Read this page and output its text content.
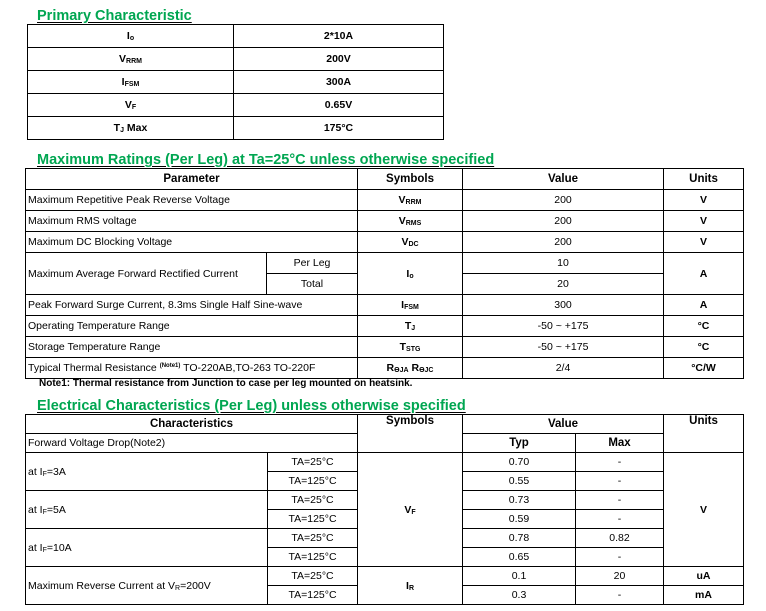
Primary Characteristic
$I_o$	2*10A
$V_{RRM}$	200V
$I_{FSM}$	300A
$V_F$	0.65V
$T_J$ Max	175°C
Maximum Ratings (Per Leg) at Ta=25°C unless otherwise specified
Parameter		Symbols	Value	Units
Maximum Repetitive Peak Reverse Voltage		$V_{RRM}$	200	V
Maximum RMS voltage		$V_{RMS}$	200	V
Maximum DC Blocking Voltage		$V_{DC}$	200	V
Maximum Average Forward Rectified Current	Per Leg	$I_o$	10	A
	Total		20	
Peak Forward Surge Current, 8.3ms Single Half Sine-wave		$I_{FSM}$	300	A
Operating Temperature Range		$T_J$	-50 ~ +175	°C
Storage Temperature Range		$T_{STG}$	-50 ~ +175	°C
Typical Thermal Resistance $^{(Note1)}$ TO-220AB,TO-263 TO-220F		$R_{ƟJA}$ $R_{ƟJC}$	2/4	°C/W
Note1: Thermal resistance from Junction to case per leg mounted on heatsink.
Electrical Characteristics (Per Leg) unless otherwise specified
Characteristics		Symbols	Value		Units
Forward Voltage Drop(Note2)			Typ	Max	
at $I_F=3A$	TA=25°C	$V_F$	0.70	-	V
	TA=125°C		0.55	-	
at $I_F=5A$	TA=25°C		0.73	-	
	TA=125°C		0.59	-	
at $I_F=10A$	TA=25°C		0.78	0.82	
	TA=125°C		0.65	-	
Maximum Reverse Current at $V_R=200V$	TA=25°C	$I_R$	0.1	20	uA
	TA=125°C		0.3	-	mA
